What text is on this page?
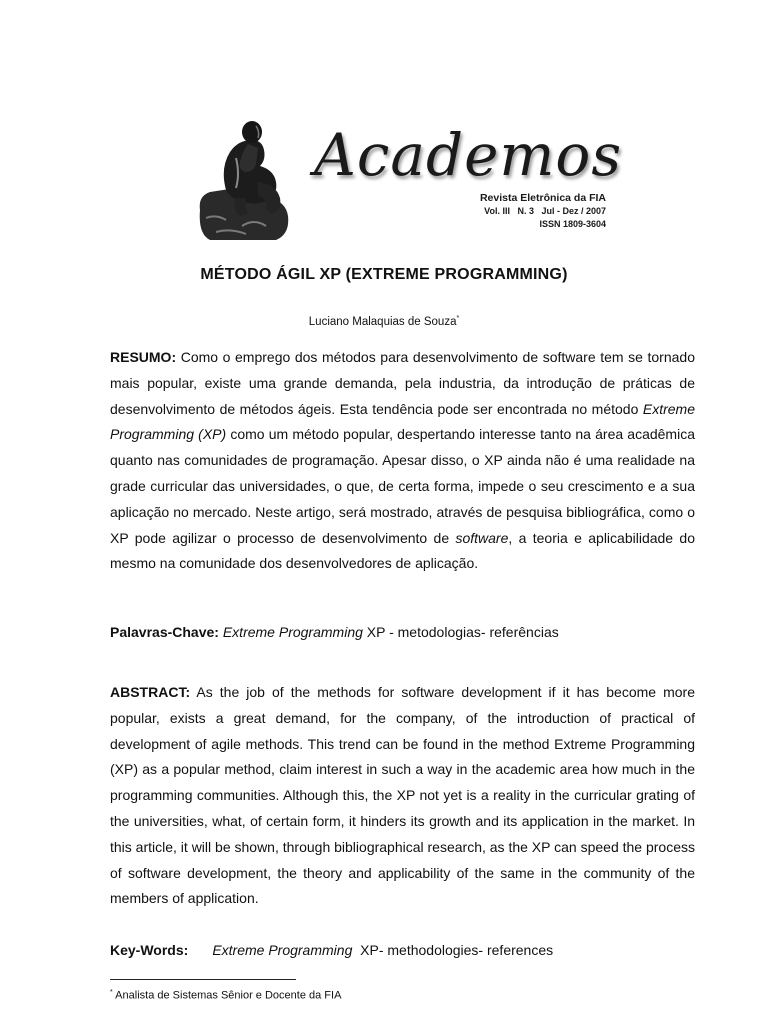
Academos
Revista Eletrônica da FIA
Vol. III   N. 3   Jul - Dez / 2007
ISSN 1809-3604
MÉTODO ÁGIL XP (EXTREME PROGRAMMING)
Luciano Malaquias de Souza*
RESUMO: Como o emprego dos métodos para desenvolvimento de software tem se tornado mais popular, existe uma grande demanda, pela industria, da introdução de práticas de desenvolvimento de métodos ágeis. Esta tendência pode ser encontrada no método Extreme Programming (XP) como um método popular, despertando interesse tanto na área acadêmica quanto nas comunidades de programação. Apesar disso, o XP ainda não é uma realidade na grade curricular das universidades, o que, de certa forma, impede o seu crescimento e a sua aplicação no mercado. Neste artigo, será mostrado, através de pesquisa bibliográfica, como o XP pode agilizar o processo de desenvolvimento de software, a teoria e aplicabilidade do mesmo na comunidade dos desenvolvedores de aplicação.
Palavras-Chave: Extreme Programming XP - metodologias- referências
ABSTRACT: As the job of the methods for software development if it has become more popular, exists a great demand, for the company, of the introduction of practical of development of agile methods. This trend can be found in the method Extreme Programming (XP) as a popular method, claim interest in such a way in the academic area how much in the programming communities. Although this, the XP not yet is a reality in the curricular grating of the universities, what, of certain form, it hinders its growth and its application in the market. In this article, it will be shown, through bibliographical research, as the XP can speed the process of software development, the theory and applicability of the same in the community of the members of application.
Key-Words: Extreme Programming  XP- methodologies- references
* Analista de Sistemas Sênior e Docente da FIA
